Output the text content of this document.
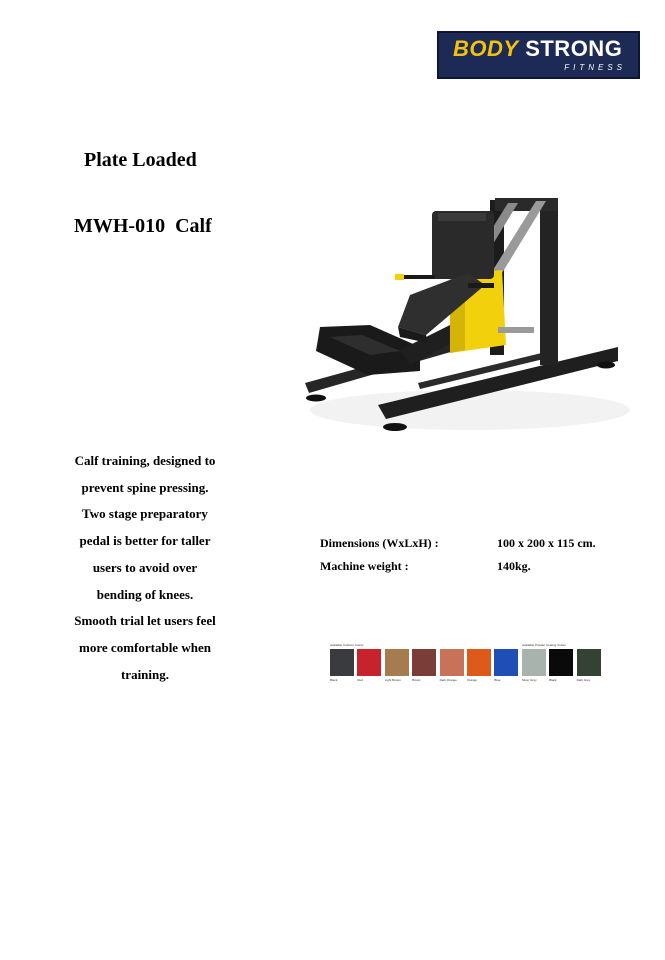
BODY STRONG
FITNESS
Plate Loaded
MWH-010  Calf
Calf training, designed to
prevent spine pressing.
Two stage preparatory
pedal is better for taller
users to avoid over
bending of knees.
Smooth trial let users feel
more comfortable when
training.
Dimensions (WxLxH) :	100 x 200 x 115 cm.
Machine weight :	140kg.
Available Cushion Colour	Available Powder Coating Colour
Black	Red	Light Brown	Brown	Dark Orange	Orange	Blue	Silver Grey	Black	Dark Grey
